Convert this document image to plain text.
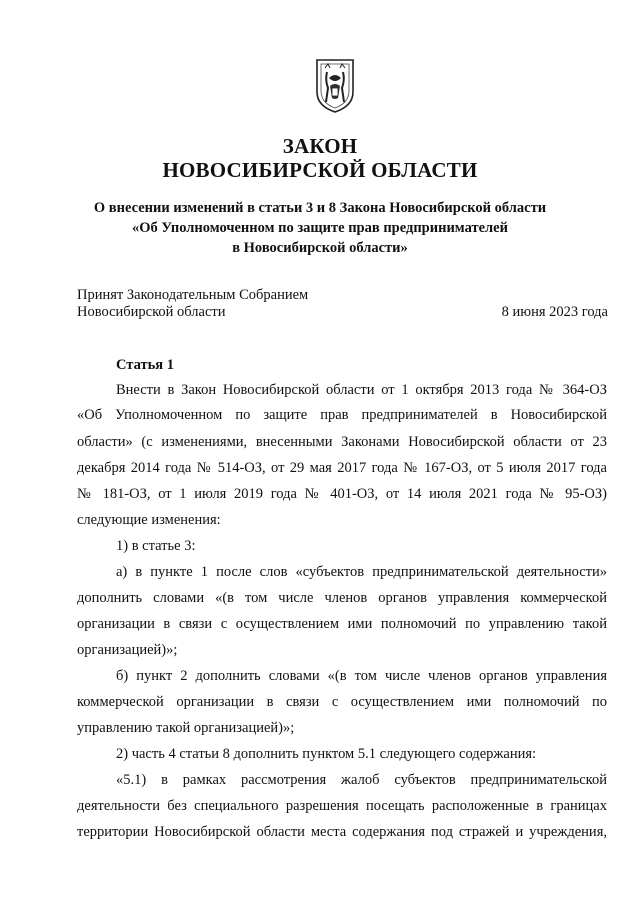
ЗАКОН
НОВОСИБИРСКОЙ ОБЛАСТИ
О внесении изменений в статьи 3 и 8 Закона Новосибирской области
«Об Уполномоченном по защите прав предпринимателей
в Новосибирской области»
Принят Законодательным Собранием
Новосибирской области	8 июня 2023 года
Статья 1
Внести в Закон Новосибирской области от 1 октября 2013 года № 364-ОЗ
«Об Уполномоченном по защите прав предпринимателей в Новосибирской
области» (с изменениями, внесенными Законами Новосибирской области от 23
декабря 2014 года № 514-ОЗ, от 29 мая 2017 года № 167-ОЗ, от 5 июля 2017 года
№ 181-ОЗ, от 1 июля 2019 года № 401-ОЗ, от 14 июля 2021 года № 95-ОЗ)
следующие изменения:
1) в статье 3:
а) в пункте 1 после слов «субъектов предпринимательской деятельности»
дополнить словами «(в том числе членов органов управления коммерческой
организации в связи с осуществлением ими полномочий по управлению такой
организацией)»;
б) пункт 2 дополнить словами «(в том числе членов органов управления
коммерческой организации в связи с осуществлением ими полномочий по
управлению такой организацией)»;
2) часть 4 статьи 8 дополнить пунктом 5.1 следующего содержания:
«5.1) в рамках рассмотрения жалоб субъектов предпринимательской
деятельности без специального разрешения посещать расположенные в границах
территории Новосибирской области места содержания под стражей и учреждения,
